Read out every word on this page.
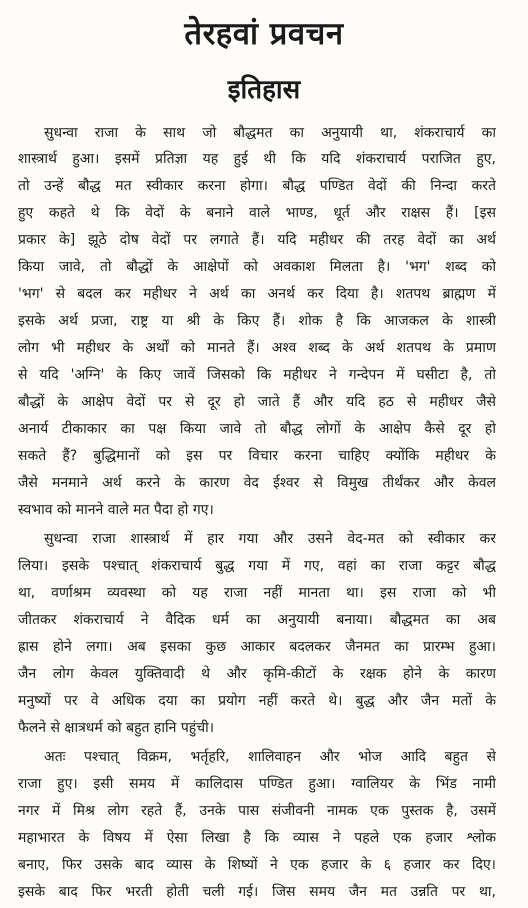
तेरहवां प्रवचन
इतिहास
सुधन्वा राजा के साथ जो बौद्धमत का अनुयायी था, शंकराचार्य का
शास्त्रार्थ हुआ। इसमें प्रतिज्ञा यह हुई थी कि यदि शंकराचार्य पराजित हुए,
तो उन्हें बौद्ध मत स्वीकार करना होगा। बौद्ध पण्डित वेदों की निन्दा करते
हुए कहते थे कि वेदों के बनाने वाले भाण्ड, धूर्त और राक्षस हैं। [इस
प्रकार के] झूठे दोष वेदों पर लगाते हैं। यदि महीधर की तरह वेदों का अर्थ
किया जावे, तो बौद्धों के आक्षेपों को अवकाश मिलता है। 'भग' शब्द को
'भग' से बदल कर महीधर ने अर्थ का अनर्थ कर दिया है। शतपथ ब्राह्मण में
इसके अर्थ प्रजा, राष्ट्र या श्री के किए हैं। शोक है कि आजकल के शास्त्री
लोग भी महीधर के अर्थों को मानते हैं। अश्व शब्द के अर्थ शतपथ के प्रमाण
से यदि 'अग्नि' के किए जावें जिसको कि महीधर ने गन्देपन में घसीटा है, तो
बौद्धों के आक्षेप वेदों पर से दूर हो जाते हैं और यदि हठ से महीधर जैसे
अनार्य टीकाकार का पक्ष किया जावे तो बौद्ध लोगों के आक्षेप कैसे दूर हो
सकते हैं? बुद्धिमानों को इस पर विचार करना चाहिए क्योंकि महीधर के
जैसे मनमाने अर्थ करने के कारण वेद ईश्वर से विमुख तीर्थंकर और केवल
स्वभाव को मानने वाले मत पैदा हो गए।
सुधन्वा राजा शास्त्रार्थ में हार गया और उसने वेद-मत को स्वीकार कर
लिया। इसके पश्चात् शंकराचार्य बुद्ध गया में गए, वहां का राजा कट्टर बौद्ध
था, वर्णाश्रम व्यवस्था को यह राजा नहीं मानता था। इस राजा को भी
जीतकर शंकराचार्य ने वैदिक धर्म का अनुयायी बनाया। बौद्धमत का अब
ह्रास होने लगा। अब इसका कुछ आकार बदलकर जैनमत का प्रारम्भ हुआ।
जैन लोग केवल युक्तिवादी थे और कृमि-कीटों के रक्षक होने के कारण
मनुष्यों पर वे अधिक दया का प्रयोग नहीं करते थे। बुद्ध और जैन मतों के
फैलने से क्षात्रधर्म को बहुत हानि पहुंची।
अतः पश्चात् विक्रम, भर्तृहरि, शालिवाहन और भोज आदि बहुत से
राजा हुए। इसी समय में कालिदास पण्डित हुआ। ग्वालियर के भिंड नामी
नगर में मिश्र लोग रहते हैं, उनके पास संजीवनी नामक एक पुस्तक है, उसमें
महाभारत के विषय में ऐसा लिखा है कि व्यास ने पहले एक हजार श्लोक
बनाए, फिर उसके बाद व्यास के शिष्यों ने एक हजार के ६ हजार कर दिए।
इसके बाद फिर भरती होती चली गई। जिस समय जैन मत उन्नति पर था,
